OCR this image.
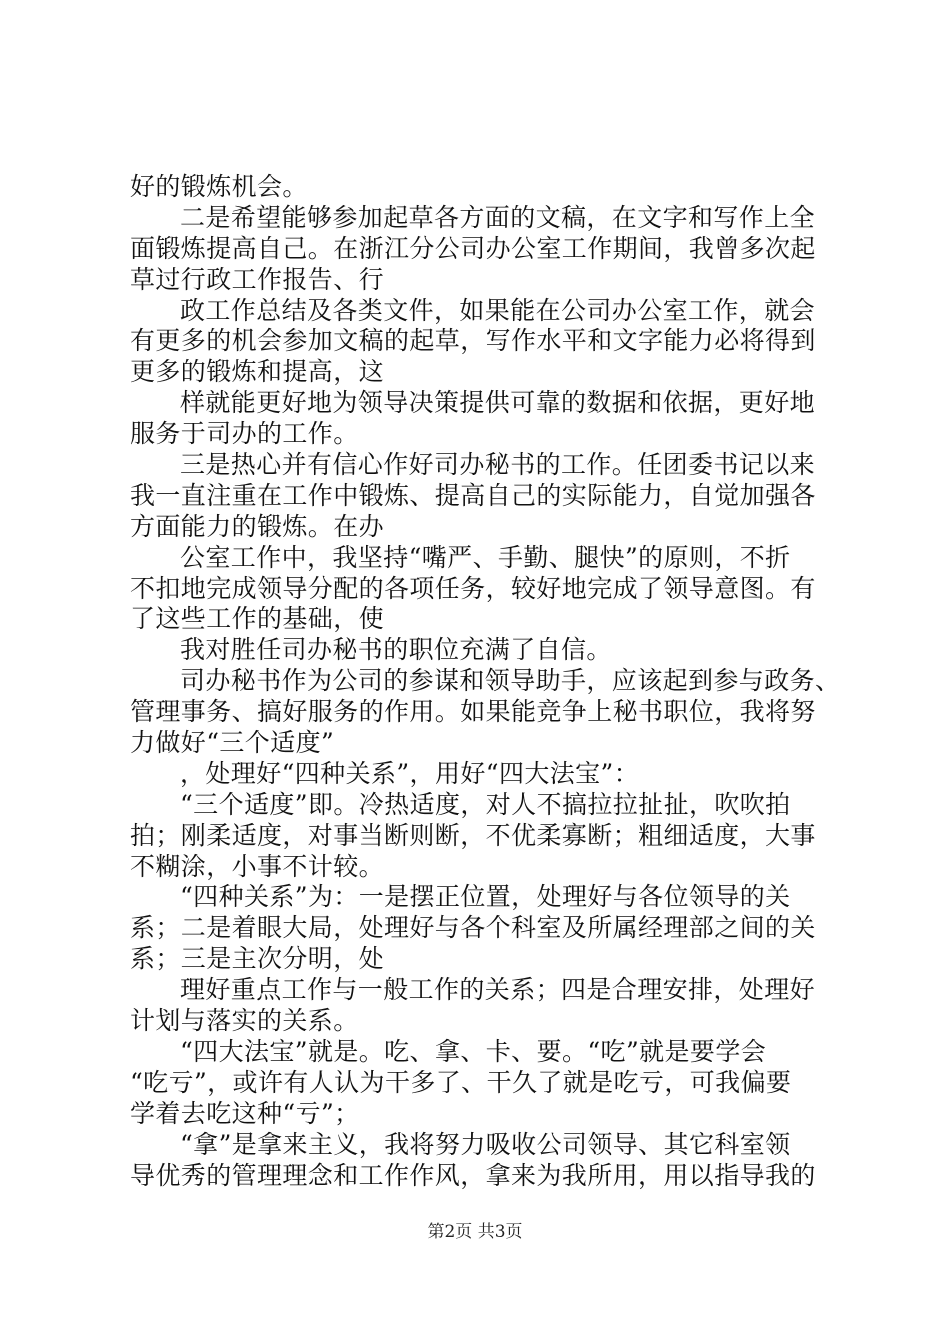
好的锻炼机会。
二是希望能够参加起草各方面的文稿，在文字和写作上全
面锻炼提高自己。在浙江分公司办公室工作期间，我曾多次起
草过行政工作报告、行
政工作总结及各类文件，如果能在公司办公室工作，就会
有更多的机会参加文稿的起草，写作水平和文字能力必将得到
更多的锻炼和提高，这
样就能更好地为领导决策提供可靠的数据和依据，更好地
服务于司办的工作。
三是热心并有信心作好司办秘书的工作。任团委书记以来
我一直注重在工作中锻炼、提高自己的实际能力，自觉加强各
方面能力的锻炼。在办
公室工作中，我坚持“嘴严、手勤、腿快”的原则，不折
不扣地完成领导分配的各项任务，较好地完成了领导意图。有
了这些工作的基础，使
我对胜任司办秘书的职位充满了自信。
司办秘书作为公司的参谋和领导助手，应该起到参与政务、
管理事务、搞好服务的作用。如果能竞争上秘书职位，我将努
力做好“三个适度”
，处理好“四种关系”，用好“四大法宝”：
“三个适度”即。冷热适度，对人不搞拉拉扯扯，吹吹拍
拍；刚柔适度，对事当断则断，不优柔寡断；粗细适度，大事
不糊涂，小事不计较。
“四种关系”为：一是摆正位置，处理好与各位领导的关
系；二是着眼大局，处理好与各个科室及所属经理部之间的关
系；三是主次分明，处
理好重点工作与一般工作的关系；四是合理安排，处理好
计划与落实的关系。
“四大法宝”就是。吃、拿、卡、要。“吃”就是要学会
“吃亏”，或许有人认为干多了、干久了就是吃亏，可我偏要
学着去吃这种“亏”；
“拿”是拿来主义，我将努力吸收公司领导、其它科室领
导优秀的管理理念和工作作风，拿来为我所用，用以指导我的
第2页 共3页
